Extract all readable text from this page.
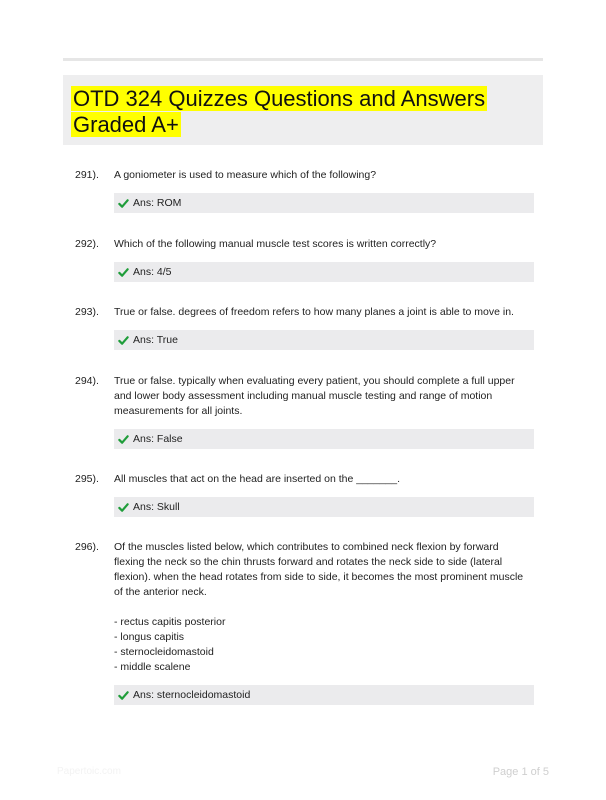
OTD 324 Quizzes Questions and Answers Graded A+
291). A goniometer is used to measure which of the following?
Ans: ROM
292). Which of the following manual muscle test scores is written correctly?
Ans: 4/5
293). True or false. degrees of freedom refers to how many planes a joint is able to move in.
Ans: True
294). True or false. typically when evaluating every patient, you should complete a full upper and lower body assessment including manual muscle testing and range of motion measurements for all joints.
Ans: False
295). All muscles that act on the head are inserted on the _______.
Ans: Skull
296). Of the muscles listed below, which contributes to combined neck flexion by forward flexing the neck so the chin thrusts forward and rotates the neck side to side (lateral flexion). when the head rotates from side to side, it becomes the most prominent muscle of the anterior neck.

- rectus capitis posterior
- longus capitis
- sternocleidomastoid
- middle scalene
Ans: sternocleidomastoid
Papertoic.com	Page 1 of 5
